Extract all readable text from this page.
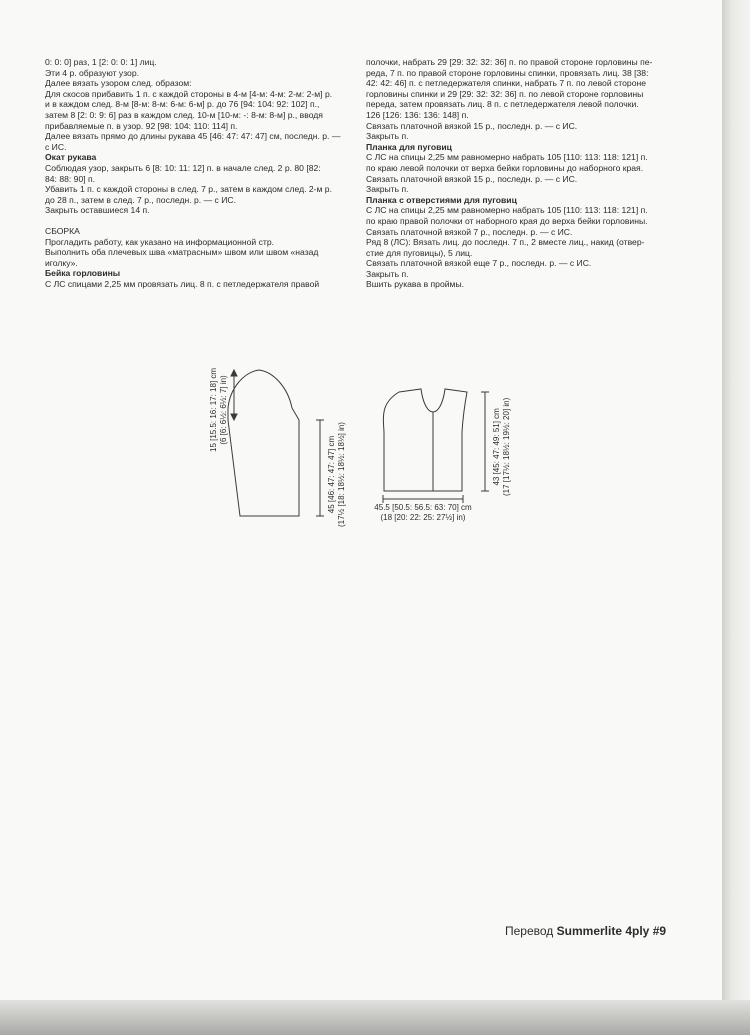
0: 0: 0] раз, 1 [2: 0: 0: 1] лиц.

Эти 4 р. образуют узор.

Далее вязать узором след. образом:

Для скосов прибавить 1 п. с каждой стороны в 4-м [4-м: 4-м: 2-м: 2-м] р.

и в каждом след. 8-м [8-м: 8-м: 6-м: 6-м] р. до 76 [94: 104: 92: 102] п.,

затем 8 [2: 0: 9: 6] раз в каждом след. 10-м [10-м: -: 8-м: 8-м] р., вводя

прибавляемые п. в узор. 92 [98: 104: 110: 114] п.

Далее вязать прямо до длины рукава 45 [46: 47: 47: 47] см, последн. р. —

с ИС.

Окат рукава

Соблюдая узор, закрыть 6 [8: 10: 11: 12] п. в начале след. 2 р. 80 [82:

84: 88: 90] п.

Убавить 1 п. с каждой стороны в след. 7 р., затем в каждом след. 2-м р.

до 28 п., затем в след. 7 р., последн. р. — с ИС.

Закрыть оставшиеся 14 п.

СБОРКА

Прогладить работу, как указано на информационной стр.

Выполнить оба плечевых шва «матрасным» швом или швом «назад

иголку».

Бейка горловины

С ЛС спицами 2,25 мм провязать лиц. 8 п. с петледержателя правой

полочки, набрать 29 [29: 32: 32: 36] п. по правой стороне горловины пе-

реда, 7 п. по правой стороне горловины спинки, провязать лиц. 38 [38:

42: 42: 46] п. с петледержателя спинки, набрать 7 п. по левой стороне

горловины спинки и 29 [29: 32: 32: 36] п. по левой стороне горловины

переда, затем провязать лиц. 8 п. с петледержателя левой полочки.

126 [126: 136: 136: 148] п.

Связать платочной вязкой 15 р., последн. р. — с ИС.

Закрыть п.

Планка для пуговиц

С ЛС на спицы 2,25 мм равномерно набрать 105 [110: 113: 118: 121] п.

по краю левой полочки от верха бейки горловины до наборного края.

Связать платочной вязкой 15 р., последн. р. — с ИС.

Закрыть п.

Планка с отверстиями для пуговиц

С ЛС на спицы 2,25 мм равномерно набрать 105 [110: 113: 118: 121] п.

по краю правой полочки от наборного края до верха бейки горловины.

Связать платочной вязкой 7 р., последн. р. — с ИС.

Ряд 8 (ЛС): Вязать лиц. до последн. 7 п., 2 вместе лиц., накид (отвер-

стие для пуговицы), 5 лиц.

Связать платочной вязкой еще 7 р., последн. р. — с ИС.

Закрыть п.

Вшить рукава в проймы.

15 [15.5: 16: 17: 18] cm (6 [6: 6½: 6½: 7] in)
45 [46: 47: 47: 47] cm (17½ [18: 18½: 18½: 18½] in)	43 [45: 47: 49: 51] cm (17 [17½: 18½: 19½: 20] in)
45.5 [50.5: 56.5: 63: 70] cm
(18 [20: 22: 25: 27½] in)
Перевод Summerlite 4ply #9
